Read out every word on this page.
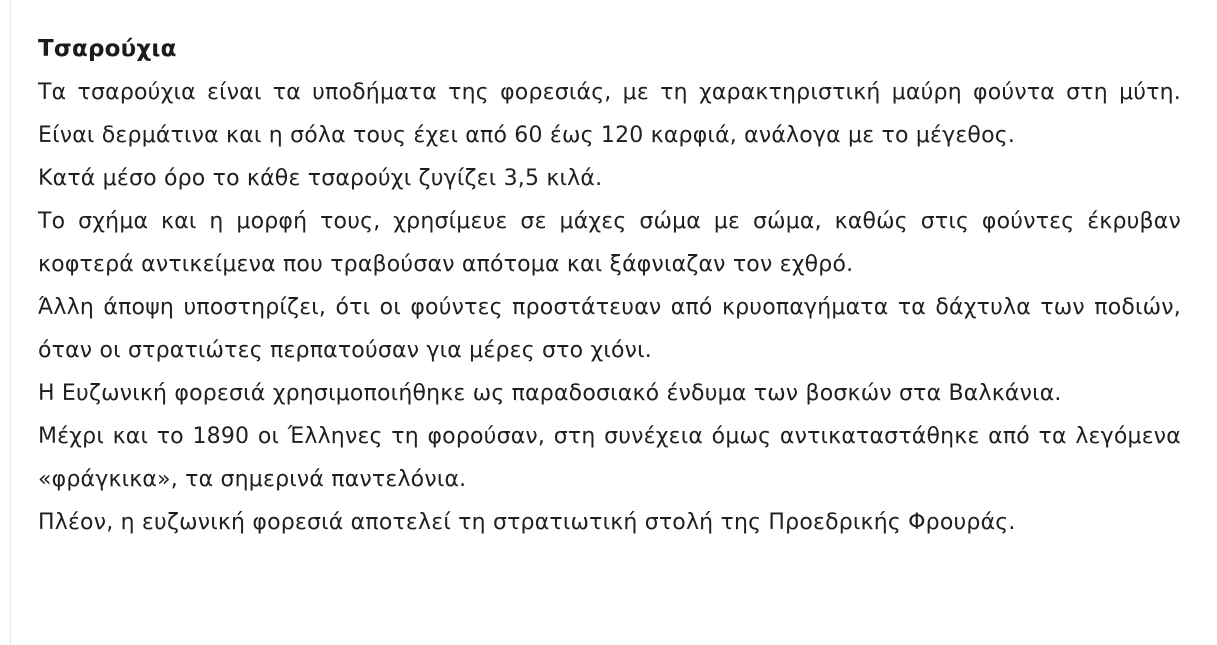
Τσαρούχια

Τα τσαρούχια είναι τα υποδήματα της φορεσιάς, με τη χαρακτηριστική μαύρη φούντα στη μύτη. Είναι δερμάτινα και η σόλα τους έχει από 60 έως 120 καρφιά, ανάλογα με το μέγεθος.

Κατά μέσο όρο το κάθε τσαρούχι ζυγίζει 3,5 κιλά.

Το σχήμα και η μορφή τους, χρησίμευε σε μάχες σώμα με σώμα, καθώς στις φούντες έκρυβαν κοφτερά αντικείμενα που τραβούσαν απότομα και ξάφνιαζαν τον εχθρό.

Άλλη άποψη υποστηρίζει, ότι οι φούντες προστάτευαν από κρυοπαγήματα τα δάχτυλα των ποδιών, όταν οι στρατιώτες περπατούσαν για μέρες στο χιόνι.

Η Ευζωνική φορεσιά χρησιμοποιήθηκε ως παραδοσιακό ένδυμα των βοσκών στα Βαλκάνια.

Μέχρι και το 1890 οι Έλληνες τη φορούσαν, στη συνέχεια όμως αντικαταστάθηκε από τα λεγόμενα «φράγκικα», τα σημερινά παντελόνια.

Πλέον, η ευζωνική φορεσιά αποτελεί τη στρατιωτική στολή της Προεδρικής Φρουράς.
